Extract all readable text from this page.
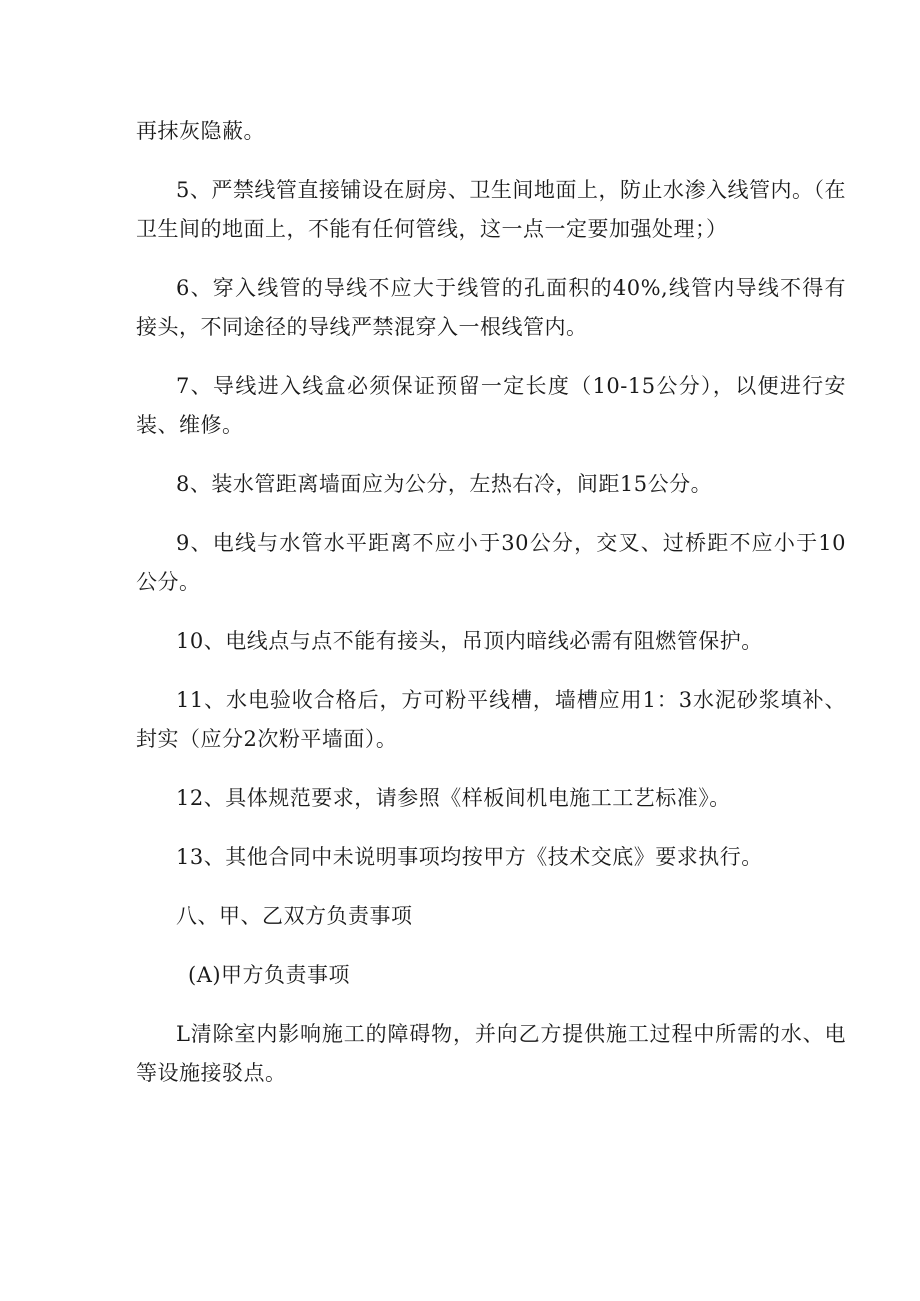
再抹灰隐蔽。

5、严禁线管直接铺设在厨房、卫生间地面上，防止水渗入线管内。（在卫生间的地面上，不能有任何管线，这一点一定要加强处理；）

6、穿入线管的导线不应大于线管的孔面积的40%,线管内导线不得有接头，不同途径的导线严禁混穿入一根线管内。

7、导线进入线盒必须保证预留一定长度（10-15公分），以便进行安装、维修。

8、装水管距离墙面应为公分，左热右冷，间距15公分。

9、电线与水管水平距离不应小于30公分，交叉、过桥距不应小于10公分。

10、电线点与点不能有接头，吊顶内暗线必需有阻燃管保护。

11、水电验收合格后，方可粉平线槽，墙槽应用1：3水泥砂浆填补、封实（应分2次粉平墙面）。

12、具体规范要求，请参照《样板间机电施工工艺标准》。

13、其他合同中未说明事项均按甲方《技术交底》要求执行。

八、甲、乙双方负责事项

(A)甲方负责事项

L清除室内影响施工的障碍物，并向乙方提供施工过程中所需的水、电等设施接驳点。
